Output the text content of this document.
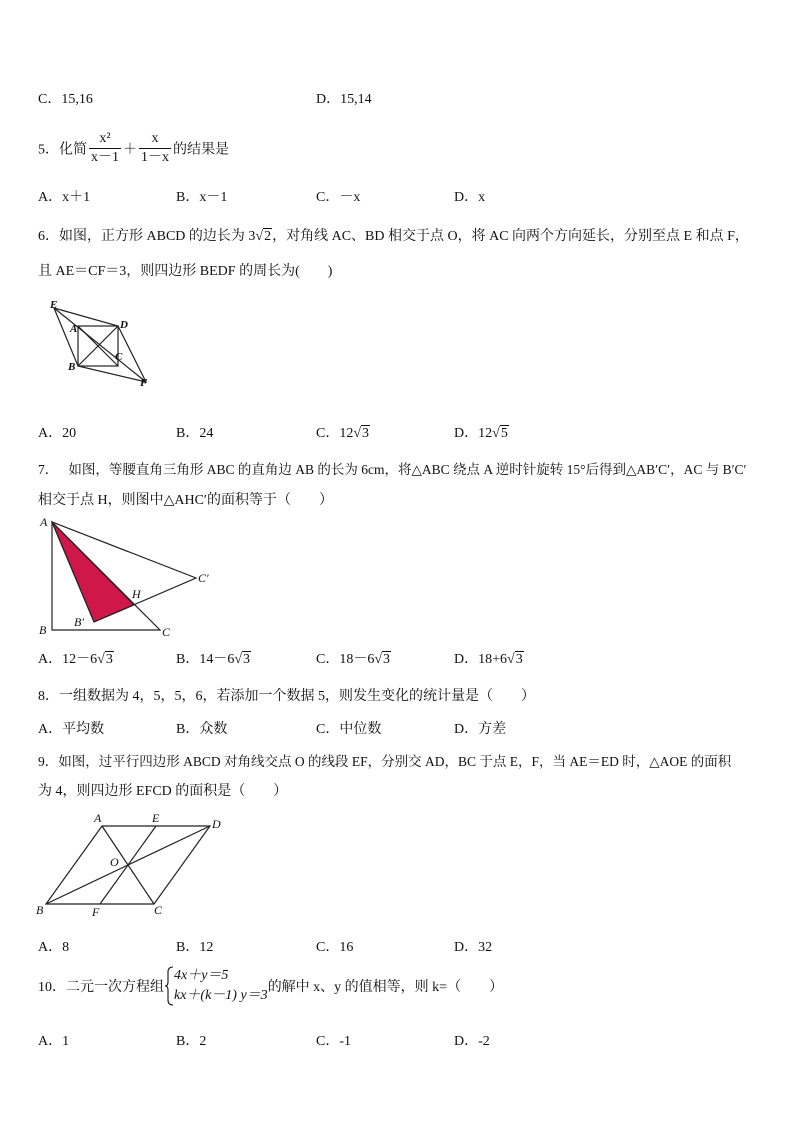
C．15,16	D．15,14
5．化简 $\frac{\text{x²}}{x-1} + \frac{x}{1-x}$ 的结果是
A．x＋1	B．x－1	C．－x	D．x
6．如图，正方形 ABCD 的边长为 3√2，对角线 AC、BD 相交于点 O，将 AC 向两个方向延长，分别至点 E 和点 F，
且 AE＝CF＝3，则四边形 BEDF 的周长为(　　)
E
A	D
B
C
F
A．20	B．24	C．12√3	D．12√5
7．　 如图，等腰直角三角形 ABC 的直角边 AB 的长为 6cm，将△ABC 绕点 A 逆时针旋转 15°后得到△AB′C′，AC 与 B′C′
相交于点 H，则图中△AHC′的面积等于（　　）
A
C′
H
B′
B	C
A．12－6√3	B．14－6√3	C．18－6√3	D．18+6√3
8．一组数据为 4，5，5，6，若添加一个数据 5，则发生变化的统计量是（　　）
A．平均数	B．众数	C．中位数	D．方差
9．如图，过平行四边形 ABCD 对角线交点 O 的线段 EF，分别交 AD，BC 于点 E，F，当 AE＝ED 时，△AOE 的面积
为 4，则四边形 EFCD 的面积是（　　）
A	E	D
O
B	F	C
A．8	B．12	C．16	D．32
10．二元一次方程组
4x＋y＝5
kx＋(k－1) y＝3
的解中 x、y 的值相等，则 k=（　　）
A．1	B．2	C．-1	D．-2
